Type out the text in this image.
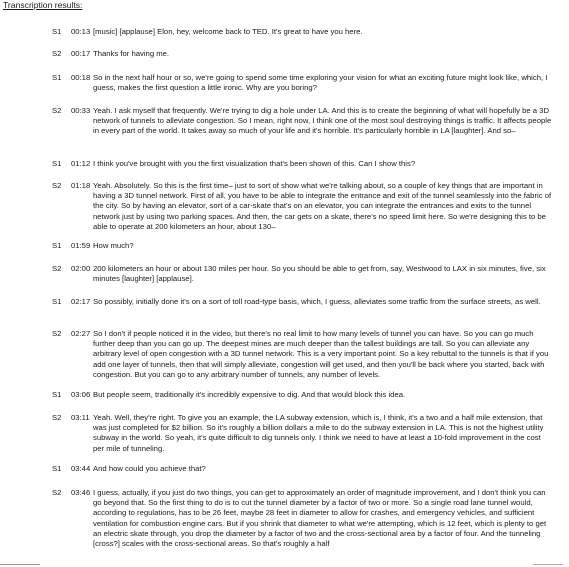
Transcription results:
S1	00:13 [music] [applause] Elon, hey, welcome back to TED. It's great to have you here.
S2	00:17 Thanks for having me.
S1	00:18 So in the next half hour or so, we're going to spend some time exploring your vision for what an exciting future might look like, which, I guess, makes the first question a little ironic. Why are you boring?
S2	00:33 Yeah. I ask myself that frequently. We're trying to dig a hole under LA. And this is to create the beginning of what will hopefully be a 3D network of tunnels to alleviate congestion. So I mean, right now, I think one of the most soul destroying things is traffic. It affects people in every part of the world. It takes away so much of your life and it's horrible. It's particularly horrible in LA [laughter]. And so–
S1	01:12 I think you've brought with you the first visualization that's been shown of this. Can I show this?
S2	01:18 Yeah. Absolutely. So this is the first time– just to sort of show what we're talking about, so a couple of key things that are important in having a 3D tunnel network. First of all, you have to be able to integrate the entrance and exit of the tunnel seamlessly into the fabric of the city. So by having an elevator, sort of a car-skate that's on an elevator, you can integrate the entrances and exits to the tunnel network just by using two parking spaces. And then, the car gets on a skate, there's no speed limit here. So we're designing this to be able to operate at 200 kilometers an hour, about 130–
S1	01:59 How much?
S2	02:00 200 kilometers an hour or about 130 miles per hour. So you should be able to get from, say, Westwood to LAX in six minutes, five, six minutes [laughter] [applause].
S1	02:17 So possibly, initially done it's on a sort of toll road-type basis, which, I guess, alleviates some traffic from the surface streets, as well.
S2	02:27 So I don't if people noticed it in the video, but there's no real limit to how many levels of tunnel you can have. So you can go much further deep than you can go up. The deepest mines are much deeper than the tallest buildings are tall. So you can alleviate any arbitrary level of open congestion with a 3D tunnel network. This is a very important point. So a key rebuttal to the tunnels is that if you add one layer of tunnels, then that will simply alleviate, congestion will get used, and then you'll be back where you started, back with congestion. But you can go to any arbitrary number of tunnels, any number of levels.
S1	03:06 But people seem, traditionally it's incredibly expensive to dig. And that would block this idea.
S2	03:11 Yeah. Well, they're right. To give you an example, the LA subway extension, which is, I think, it's a two and a half mile extension, that was just completed for $2 billion. So it's roughly a billion dollars a mile to do the subway extension in LA. This is not the highest utility subway in the world. So yeah, it's quite difficult to dig tunnels only. I think we need to have at least a 10-fold improvement in the cost per mile of tunneling.
S1	03:44 And how could you achieve that?
S2	03:46 I guess, actually, if you just do two things, you can get to approximately an order of magnitude improvement, and I don't think you can go beyond that. So the first thing to do is to cut the tunnel diameter by a factor of two or more. So a single road lane tunnel would, according to regulations, has to be 26 feet, maybe 28 feet in diameter to allow for crashes, and emergency vehicles, and sufficient ventilation for combustion engine cars. But if you shrink that diameter to what we're attempting, which is 12 feet, which is plenty to get an electric skate through, you drop the diameter by a factor of two and the cross-sectional area by a factor of four. And the tunneling [cross?] scales with the cross-sectional areas. So that's roughly a half
